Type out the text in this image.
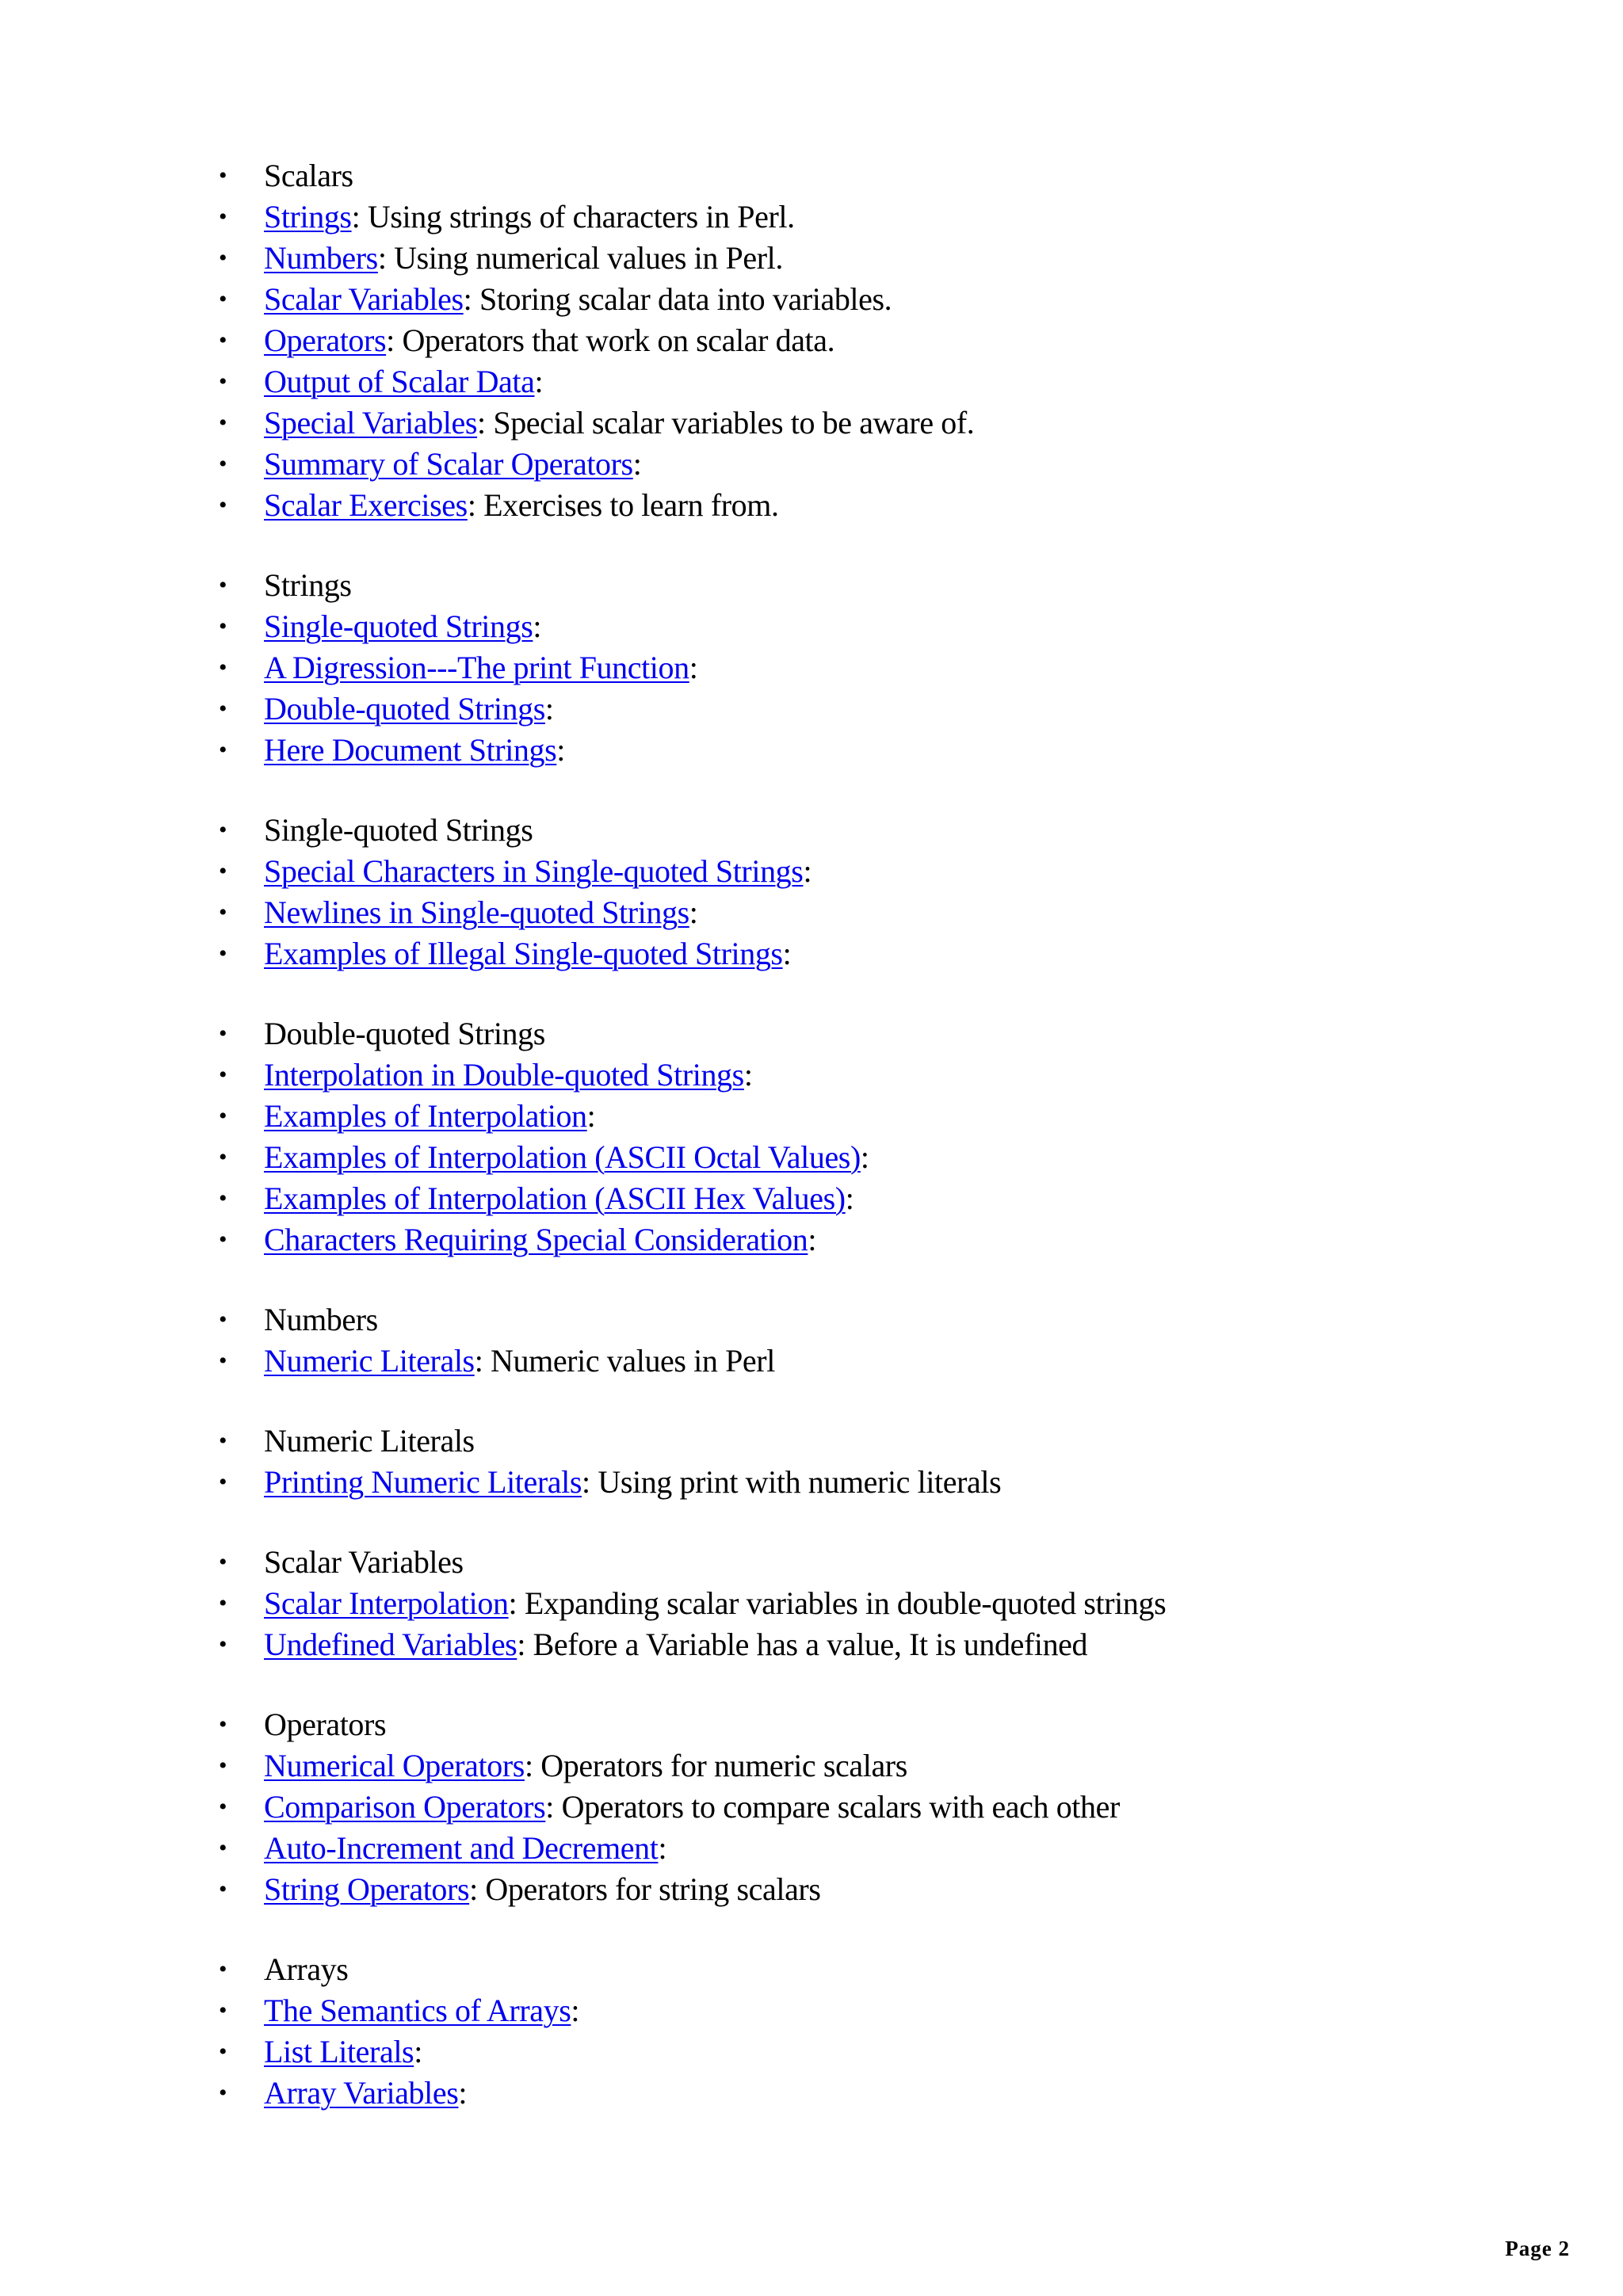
• Scalars
• Strings: Using strings of characters in Perl.
• Numbers: Using numerical values in Perl.
• Scalar Variables: Storing scalar data into variables.
• Operators: Operators that work on scalar data.
• Output of Scalar Data:
• Special Variables: Special scalar variables to be aware of.
• Summary of Scalar Operators:
• Scalar Exercises: Exercises to learn from.
• Strings
• Single-quoted Strings:
• A Digression---The print Function:
• Double-quoted Strings:
• Here Document Strings:
• Single-quoted Strings
• Special Characters in Single-quoted Strings:
• Newlines in Single-quoted Strings:
• Examples of Illegal Single-quoted Strings:
• Double-quoted Strings
• Interpolation in Double-quoted Strings:
• Examples of Interpolation:
• Examples of Interpolation (ASCII Octal Values):
• Examples of Interpolation (ASCII Hex Values):
• Characters Requiring Special Consideration:
• Numbers
• Numeric Literals: Numeric values in Perl
• Numeric Literals
• Printing Numeric Literals: Using print with numeric literals
• Scalar Variables
• Scalar Interpolation: Expanding scalar variables in double-quoted strings
• Undefined Variables: Before a Variable has a value, It is undefined
• Operators
• Numerical Operators: Operators for numeric scalars
• Comparison Operators: Operators to compare scalars with each other
• Auto-Increment and Decrement:
• String Operators: Operators for string scalars
• Arrays
• The Semantics of Arrays:
• List Literals:
• Array Variables:
Page 2
